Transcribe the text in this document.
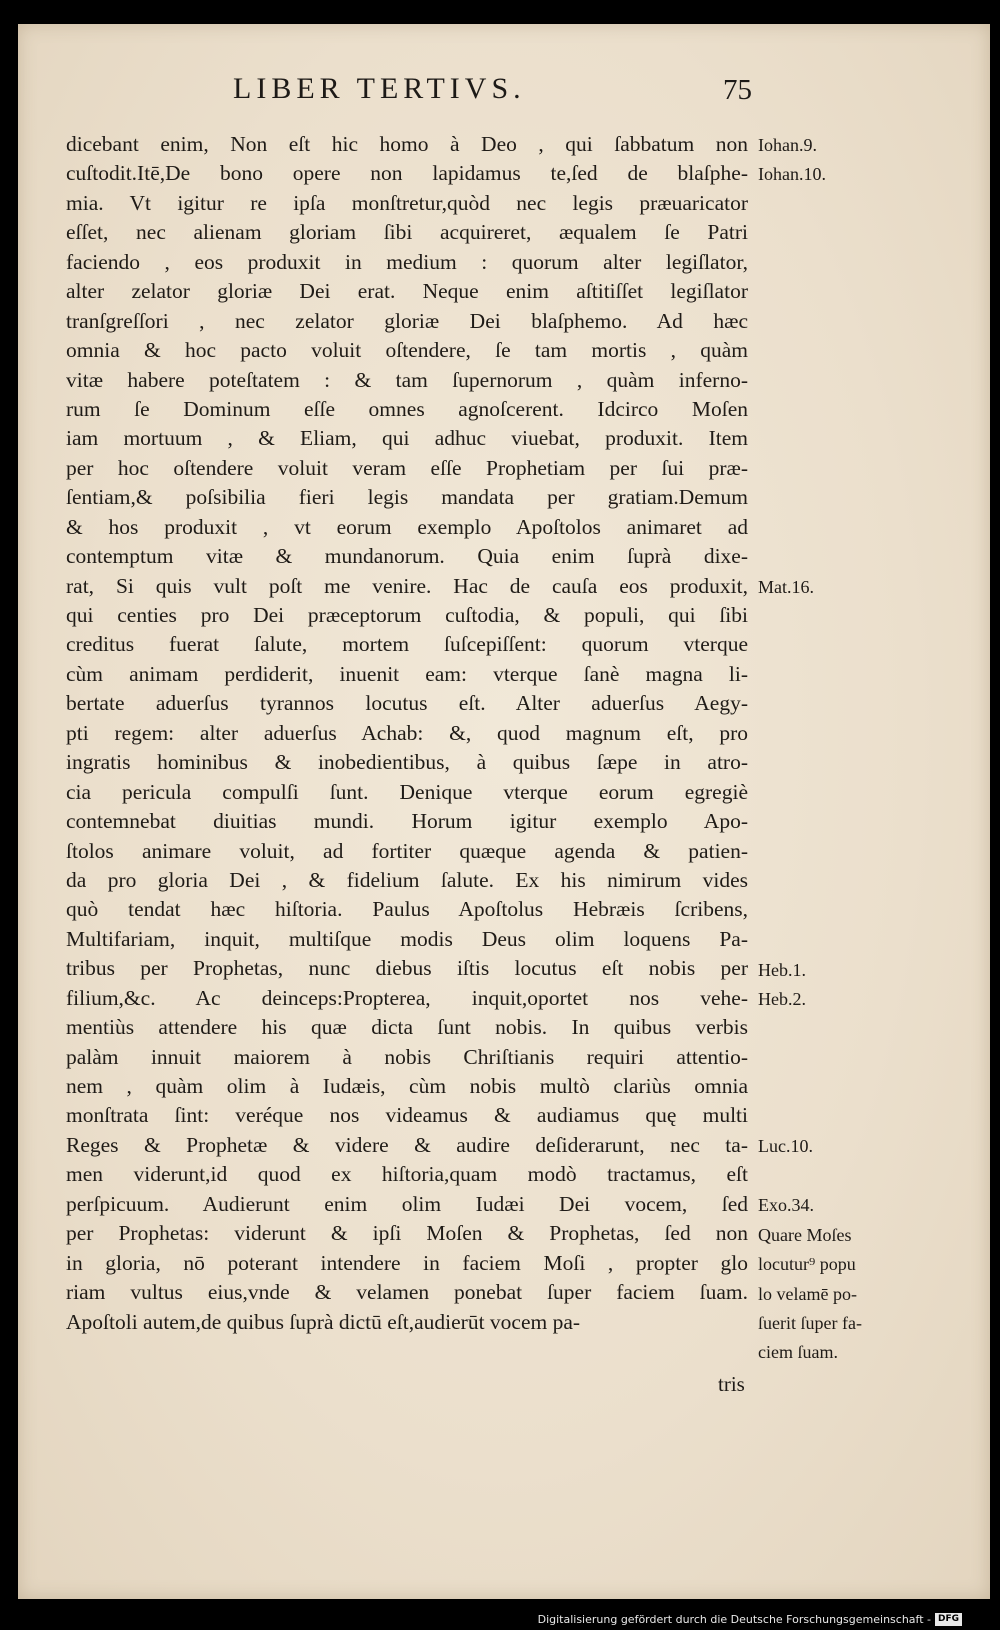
LIBER TERTIVS.	75
dicebant enim, Non eſt hic homo à Deo , qui ſabbatum non
cuſtodit.Itē,De bono opere non lapidamus te,ſed de blaſphe-
mia. Vt igitur re ipſa monſtretur,quòd nec legis præuaricator
eſſet, nec alienam gloriam ſibi acquireret, æqualem ſe Patri
faciendo , eos produxit in medium : quorum alter legiſlator,
alter zelator gloriæ Dei erat. Neque enim aſtitiſſet legiſlator
tranſgreſſori , nec zelator gloriæ Dei blaſphemo. Ad hæc
omnia & hoc pacto voluit oſtendere, ſe tam mortis , quàm
vitæ habere poteſtatem : & tam ſupernorum , quàm inferno-
rum ſe Dominum eſſe omnes agnoſcerent. Idcirco Moſen
iam mortuum , & Eliam, qui adhuc viuebat, produxit. Item
per hoc oſtendere voluit veram eſſe Prophetiam per ſui præ-
ſentiam,& poſsibilia fieri legis mandata per gratiam.Demum
& hos produxit , vt eorum exemplo Apoſtolos animaret ad
contemptum vitæ & mundanorum. Quia enim ſuprà dixe-
rat, Si quis vult poſt me venire. Hac de cauſa eos produxit,
qui centies pro Dei præceptorum cuſtodia, & populi, qui ſibi
creditus fuerat ſalute, mortem ſuſcepiſſent: quorum vterque
cùm animam perdiderit, inuenit eam: vterque ſanè magna li-
bertate aduerſus tyrannos locutus eſt. Alter aduerſus Aegy-
pti regem: alter aduerſus Achab: &, quod magnum eſt, pro
ingratis hominibus & inobedientibus, à quibus ſæpe in atro-
cia pericula compulſi ſunt. Denique vterque eorum egregiè
contemnebat diuitias mundi. Horum igitur exemplo Apo-
ſtolos animare voluit, ad fortiter quæque agenda & patien-
da pro gloria Dei , & fidelium ſalute. Ex his nimirum vides
quò tendat hæc hiſtoria. Paulus Apoſtolus Hebræis ſcribens,
Multifariam, inquit, multiſque modis Deus olim loquens Pa-
tribus per Prophetas, nunc diebus iſtis locutus eſt nobis per
filium,&c. Ac deinceps:Propterea, inquit,oportet nos vehe-
mentiùs attendere his quæ dicta ſunt nobis. In quibus verbis
palàm innuit maiorem à nobis Chriſtianis requiri attentio-
nem , quàm olim à Iudæis, cùm nobis multò clariùs omnia
monſtrata ſint: veréque nos videamus & audiamus quę multi
Reges & Prophetæ & videre & audire deſiderarunt, nec ta-
men viderunt,id quod ex hiſtoria,quam modò tractamus, eſt
perſpicuum. Audierunt enim olim Iudæi Dei vocem, ſed
per Prophetas: viderunt & ipſi Moſen & Prophetas, ſed non
in gloria, nō poterant intendere in faciem Moſi , propter glo
riam vultus eius,vnde & velamen ponebat ſuper faciem ſuam.
Apoſtoli autem,de quibus ſuprà dictū eſt,audierūt vocem pa-
tris
Iohan.9.
Iohan.10.
Mat.16.
Heb.1.
Heb.2.
Luc.10.
Exo.34.
Quare Moſes
locutur⁹ popu
lo velamē po-
ſuerit ſuper fa-
ciem ſuam.
Digitalisierung gefördert durch die Deutsche Forschungsgemeinschaft - DFG
